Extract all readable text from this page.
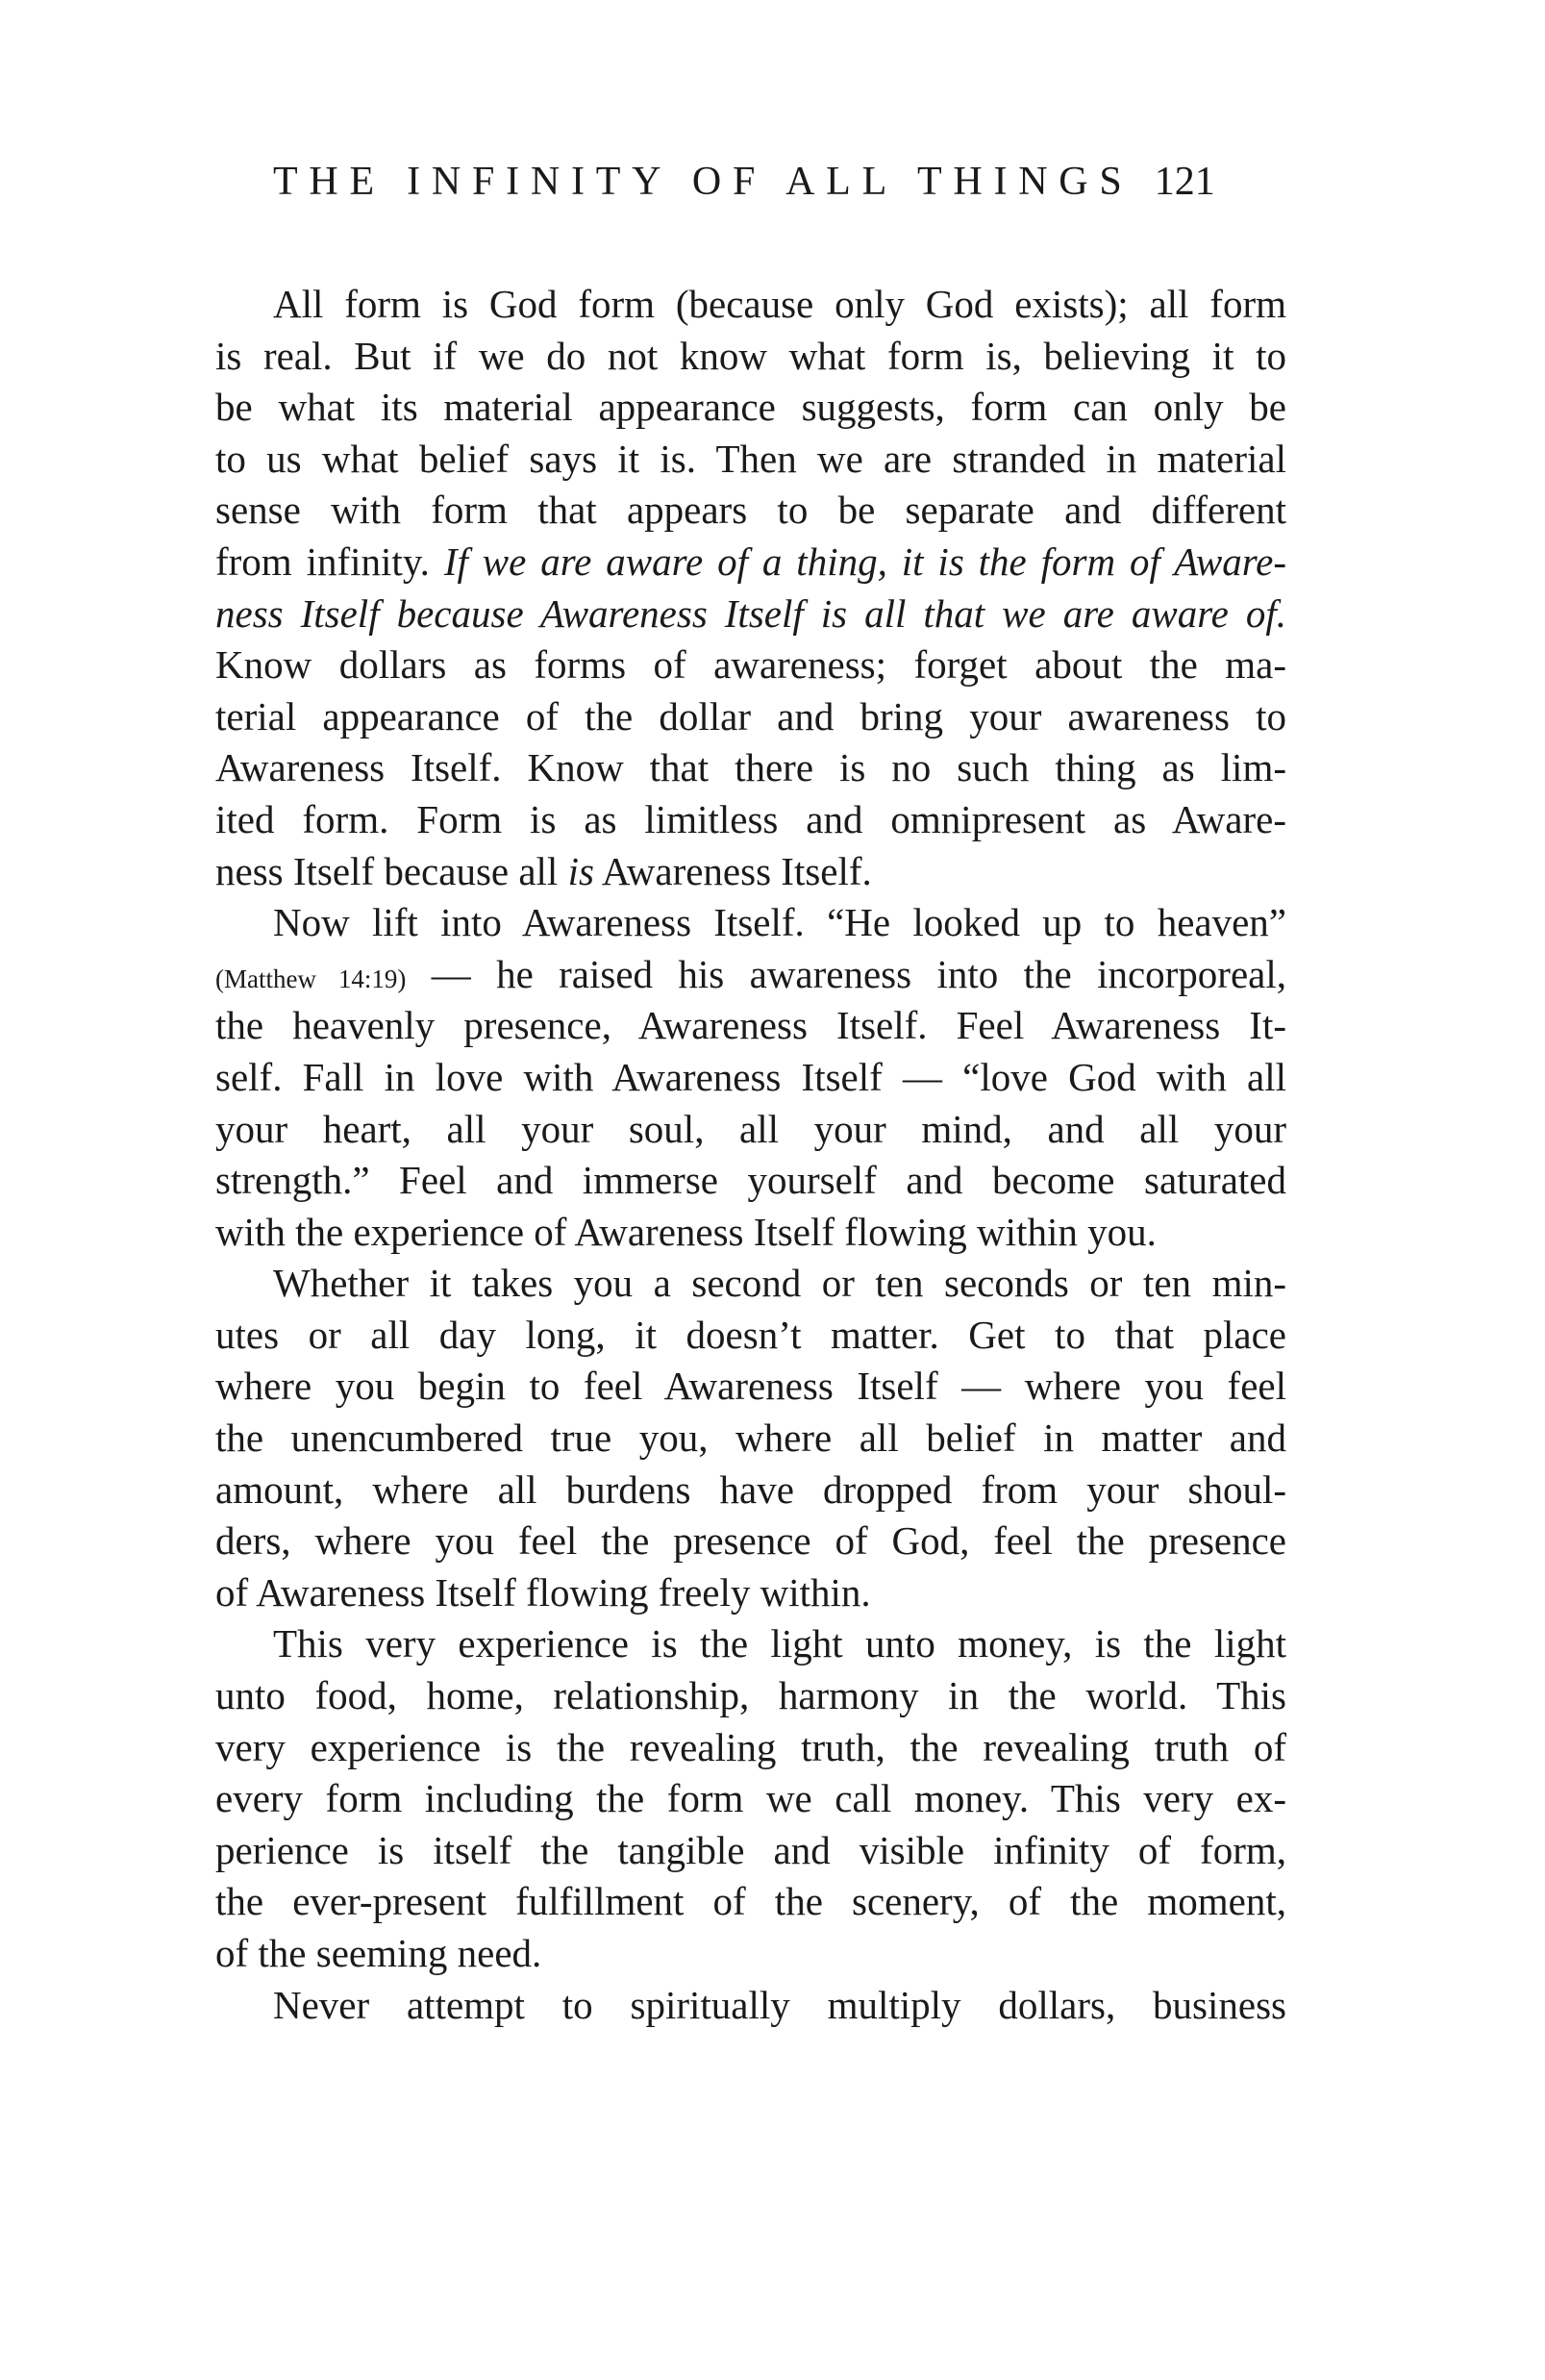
THE INFINITY OF ALL THINGS 121
All form is God form (because only God exists); all form
is real. But if we do not know what form is, believing it to
be what its material appearance suggests, form can only be
to us what belief says it is. Then we are stranded in material
sense with form that appears to be separate and different
from infinity. If we are aware of a thing, it is the form of Aware-
ness Itself because Awareness Itself is all that we are aware of.
Know dollars as forms of awareness; forget about the ma-
terial appearance of the dollar and bring your awareness to
Awareness Itself. Know that there is no such thing as lim-
ited form. Form is as limitless and omnipresent as Aware-
ness Itself because all is Awareness Itself.
Now lift into Awareness Itself. “He looked up to heaven”
(Matthew 14:19) — he raised his awareness into the incorporeal,
the heavenly presence, Awareness Itself. Feel Awareness It-
self. Fall in love with Awareness Itself — “love God with all
your heart, all your soul, all your mind, and all your
strength.” Feel and immerse yourself and become saturated
with the experience of Awareness Itself flowing within you.
Whether it takes you a second or ten seconds or ten min-
utes or all day long, it doesn’t matter. Get to that place
where you begin to feel Awareness Itself — where you feel
the unencumbered true you, where all belief in matter and
amount, where all burdens have dropped from your shoul-
ders, where you feel the presence of God, feel the presence
of Awareness Itself flowing freely within.
This very experience is the light unto money, is the light
unto food, home, relationship, harmony in the world. This
very experience is the revealing truth, the revealing truth of
every form including the form we call money. This very ex-
perience is itself the tangible and visible infinity of form,
the ever-present fulfillment of the scenery, of the moment,
of the seeming need.
Never attempt to spiritually multiply dollars, business
